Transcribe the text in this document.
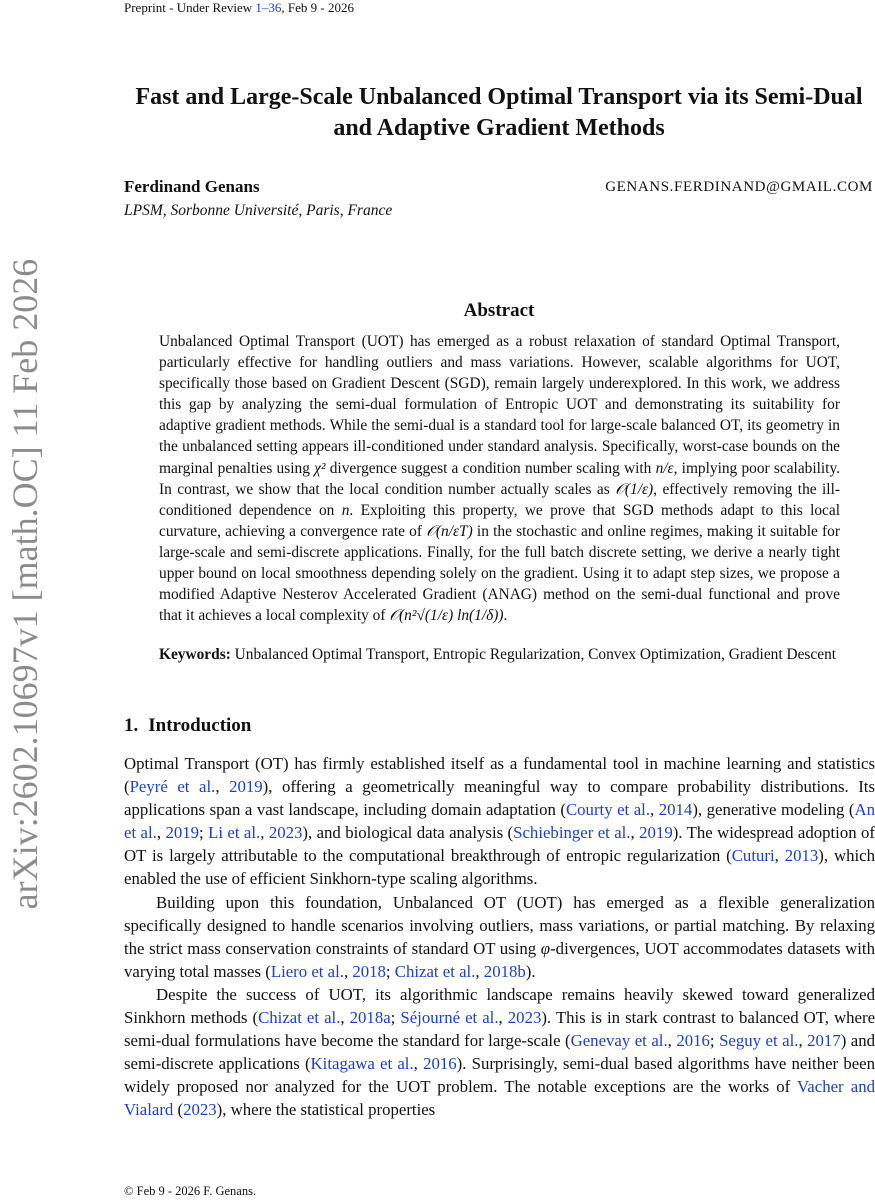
Preprint - Under Review 1–36, Feb 9 - 2026
arXiv:2602.10697v1 [math.OC] 11 Feb 2026
Fast and Large-Scale Unbalanced Optimal Transport via its Semi-Dual and Adaptive Gradient Methods
Ferdinand Genans	GENANS.FERDINAND@GMAIL.COM
LPSM, Sorbonne Université, Paris, France
Abstract

Unbalanced Optimal Transport (UOT) has emerged as a robust relaxation of standard Optimal Transport, particularly effective for handling outliers and mass variations. However, scalable algorithms for UOT, specifically those based on Gradient Descent (SGD), remain largely underexplored. In this work, we address this gap by analyzing the semi-dual formulation of Entropic UOT and demonstrating its suitability for adaptive gradient methods. While the semi-dual is a standard tool for large-scale balanced OT, its geometry in the unbalanced setting appears ill-conditioned under standard analysis. Specifically, worst-case bounds on the marginal penalties using χ² divergence suggest a condition number scaling with n/ε, implying poor scalability. In contrast, we show that the local condition number actually scales as 𝒪(1/ε), effectively removing the ill-conditioned dependence on n. Exploiting this property, we prove that SGD methods adapt to this local curvature, achieving a convergence rate of 𝒪(n/εT) in the stochastic and online regimes, making it suitable for large-scale and semi-discrete applications. Finally, for the full batch discrete setting, we derive a nearly tight upper bound on local smoothness depending solely on the gradient. Using it to adapt step sizes, we propose a modified Adaptive Nesterov Accelerated Gradient (ANAG) method on the semi-dual functional and prove that it achieves a local complexity of 𝒪(n²√(1/ε) ln(1/δ)).

Keywords: Unbalanced Optimal Transport, Entropic Regularization, Convex Optimization, Gradient Descent

1. Introduction

Optimal Transport (OT) has firmly established itself as a fundamental tool in machine learning and statistics (Peyré et al., 2019), offering a geometrically meaningful way to compare probability distributions. Its applications span a vast landscape, including domain adaptation (Courty et al., 2014), generative modeling (An et al., 2019; Li et al., 2023), and biological data analysis (Schiebinger et al., 2019). The widespread adoption of OT is largely attributable to the computational breakthrough of entropic regularization (Cuturi, 2013), which enabled the use of efficient Sinkhorn-type scaling algorithms.

Building upon this foundation, Unbalanced OT (UOT) has emerged as a flexible generalization specifically designed to handle scenarios involving outliers, mass variations, or partial matching. By relaxing the strict mass conservation constraints of standard OT using φ-divergences, UOT accommodates datasets with varying total masses (Liero et al., 2018; Chizat et al., 2018b).

Despite the success of UOT, its algorithmic landscape remains heavily skewed toward generalized Sinkhorn methods (Chizat et al., 2018a; Séjourné et al., 2023). This is in stark contrast to balanced OT, where semi-dual formulations have become the standard for large-scale (Genevay et al., 2016; Seguy et al., 2017) and semi-discrete applications (Kitagawa et al., 2016). Surprisingly, semi-dual based algorithms have neither been widely proposed nor analyzed for the UOT problem. The notable exceptions are the works of Vacher and Vialard (2023), where the statistical properties

© Feb 9 - 2026 F. Genans.
